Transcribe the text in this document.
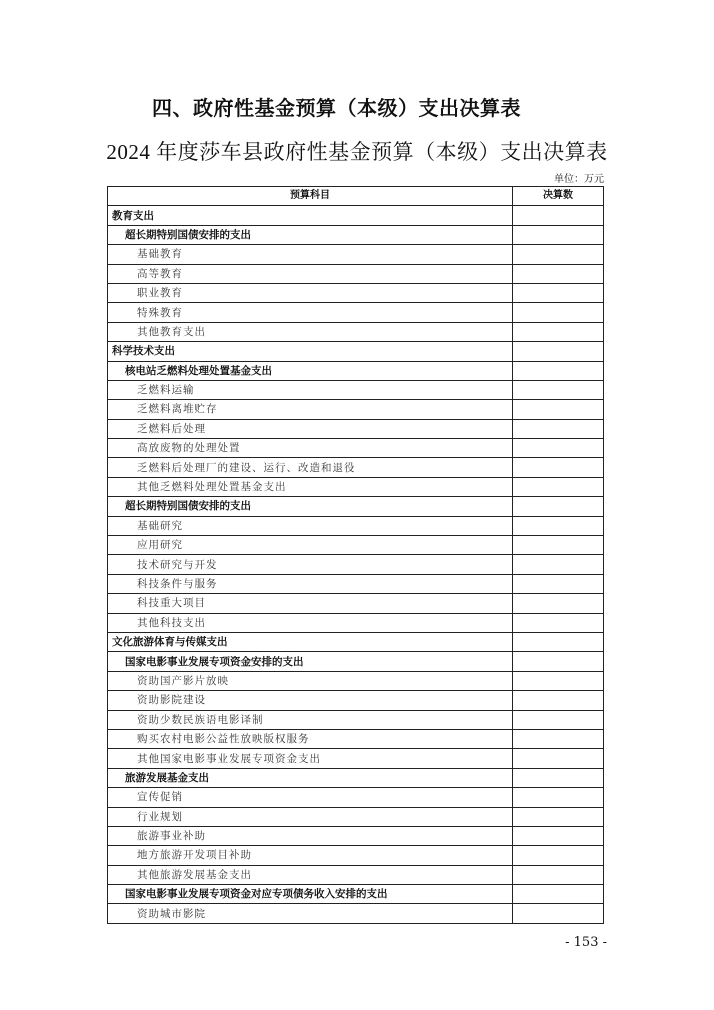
四、政府性基金预算（本级）支出决算表
2024 年度莎车县政府性基金预算（本级）支出决算表
单位：万元
预算科目	决算数
教育支出	
超长期特别国债安排的支出	
基础教育	
高等教育	
职业教育	
特殊教育	
其他教育支出	
科学技术支出	
核电站乏燃料处理处置基金支出	
乏燃料运输	
乏燃料离堆贮存	
乏燃料后处理	
高放废物的处理处置	
乏燃料后处理厂的建设、运行、改造和退役	
其他乏燃料处理处置基金支出	
超长期特别国债安排的支出	
基础研究	
应用研究	
技术研究与开发	
科技条件与服务	
科技重大项目	
其他科技支出	
文化旅游体育与传媒支出	
国家电影事业发展专项资金安排的支出	
资助国产影片放映	
资助影院建设	
资助少数民族语电影译制	
购买农村电影公益性放映版权服务	
其他国家电影事业发展专项资金支出	
旅游发展基金支出	
宣传促销	
行业规划	
旅游事业补助	
地方旅游开发项目补助	
其他旅游发展基金支出	
国家电影事业发展专项资金对应专项债务收入安排的支出	
资助城市影院	
- 153 -
